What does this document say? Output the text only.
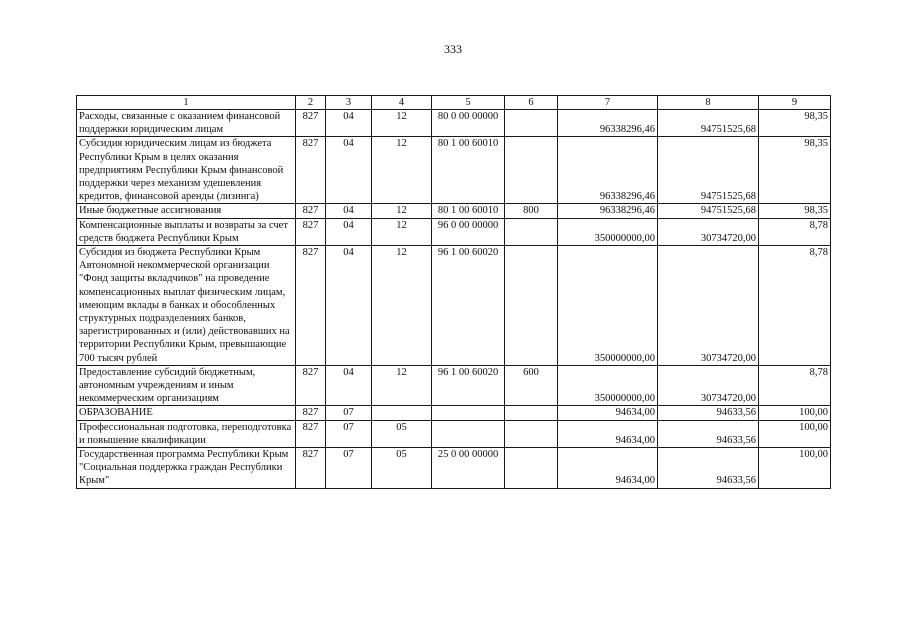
333
1	2	3	4	5	6	7	8	9
Расходы, связанные с оказанием финансовой поддержки юридическим лицам	827	04	12	80 0 00 00000		96338296,46	94751525,68	98,35
Субсидия юридическим лицам из бюджета Республики Крым в целях оказания предприятиям Республики Крым финансовой поддержки через механизм удешевления кредитов, финансовой аренды (лизинга)	827	04	12	80 1 00 60010		96338296,46	94751525,68	98,35
Иные бюджетные ассигнования	827	04	12	80 1 00 60010	800	96338296,46	94751525,68	98,35
Компенсационные выплаты и возвраты за счет средств бюджета Республики Крым	827	04	12	96 0 00 00000		350000000,00	30734720,00	8,78
Субсидия из бюджета Республики Крым Автономной некоммерческой организации "Фонд защиты вкладчиков" на проведение компенсационных выплат физическим лицам, имеющим вклады в банках и обособленных структурных подразделениях банков, зарегистрированных и (или) действовавших на территории Республики Крым, превышающие 700 тысяч рублей	827	04	12	96 1 00 60020		350000000,00	30734720,00	8,78
Предоставление субсидий бюджетным, автономным учреждениям и иным некоммерческим организациям	827	04	12	96 1 00 60020	600	350000000,00	30734720,00	8,78
ОБРАЗОВАНИЕ	827	07				94634,00	94633,56	100,00
Профессиональная подготовка, переподготовка и повышение квалификации	827	07	05			94634,00	94633,56	100,00
Государственная программа Республики Крым "Социальная поддержка граждан Республики Крым"	827	07	05	25 0 00 00000		94634,00	94633,56	100,00
